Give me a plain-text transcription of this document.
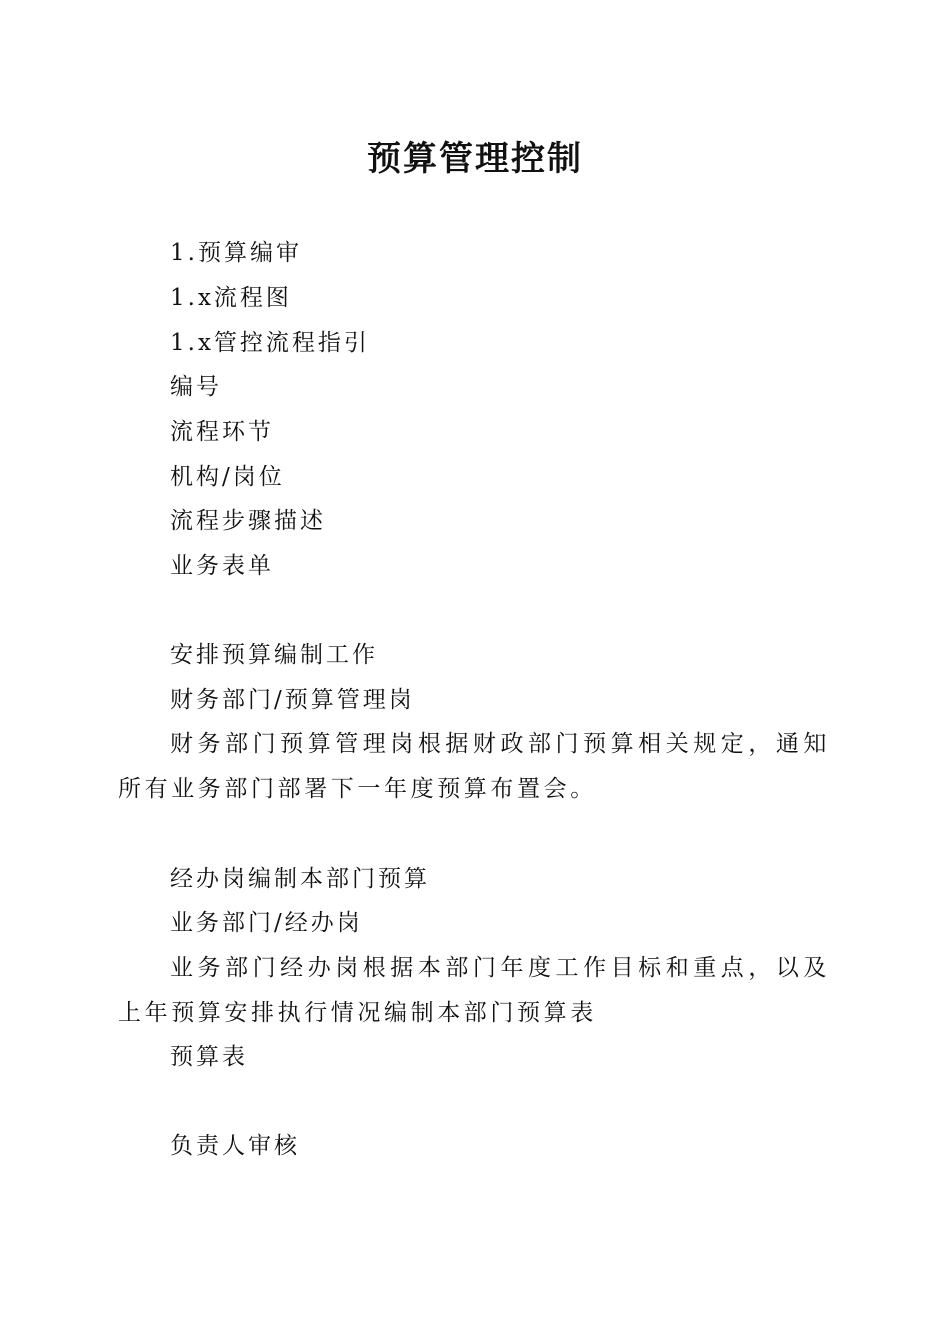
预算管理控制
1.预算编审
1.x流程图
1.x管控流程指引
编号
流程环节
机构/岗位
流程步骤描述
业务表单
安排预算编制工作
财务部门/预算管理岗
财务部门预算管理岗根据财政部门预算相关规定，通知所有业务部门部署下一年度预算布置会。
经办岗编制本部门预算
业务部门/经办岗
业务部门经办岗根据本部门年度工作目标和重点，以及上年预算安排执行情况编制本部门预算表
预算表
负责人审核
